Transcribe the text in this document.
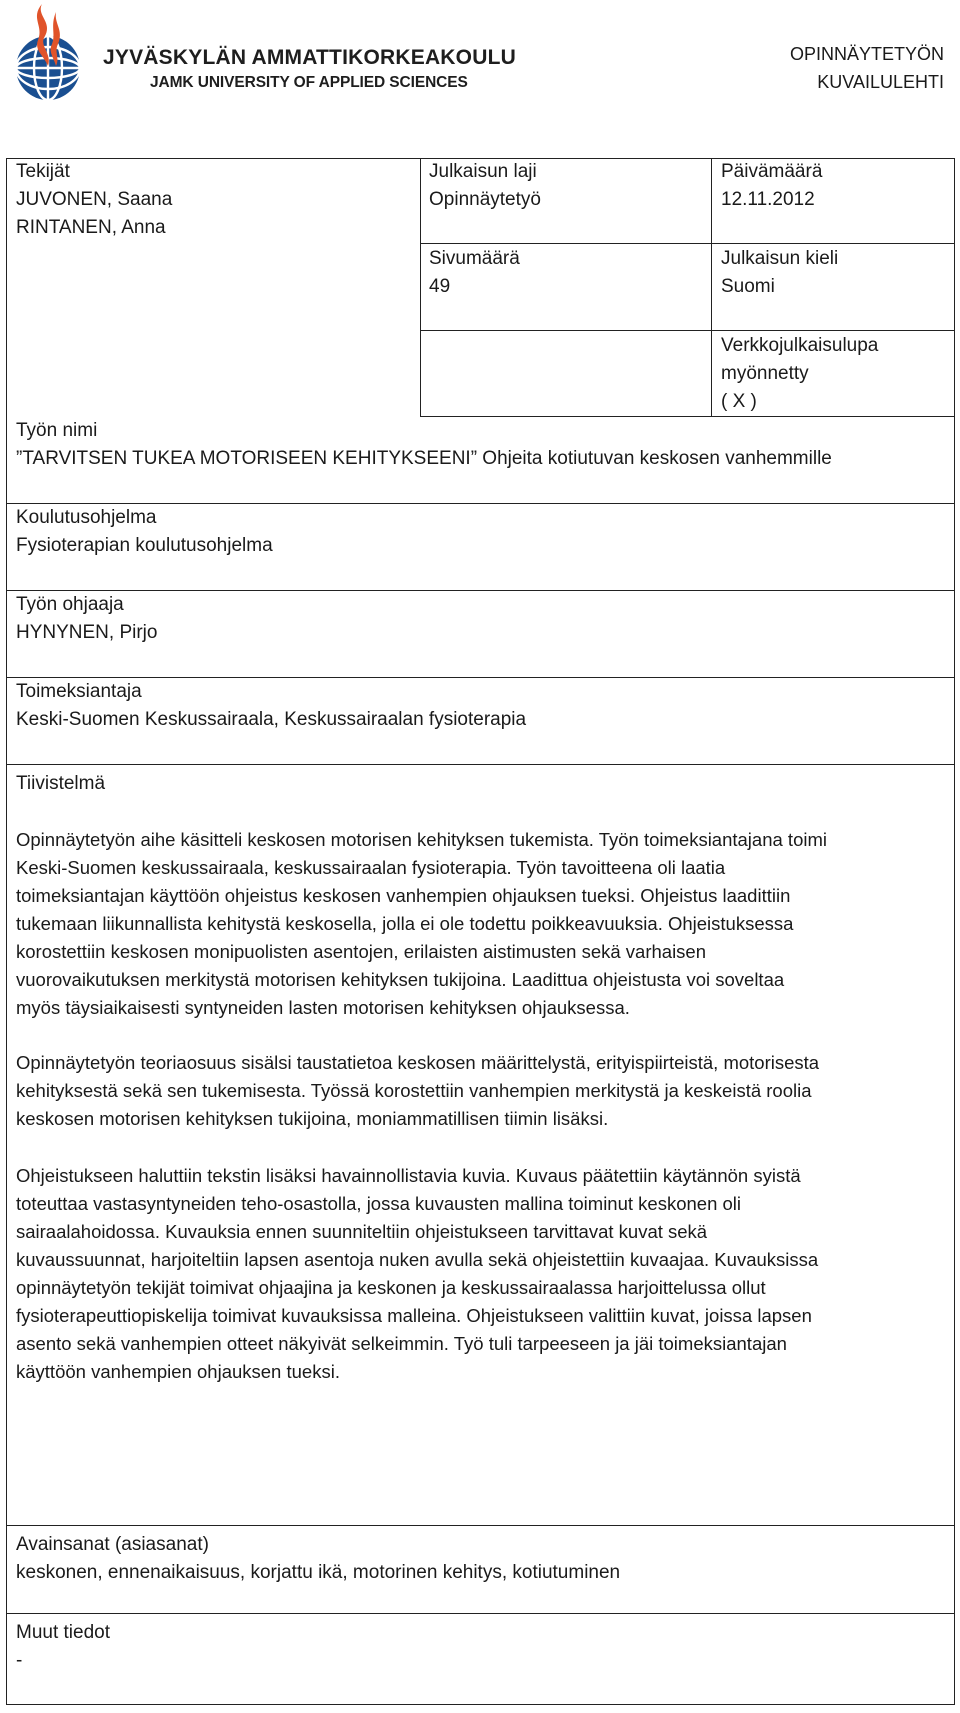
JYVÄSKYLÄN AMMATTIKORKEAKOULU
JAMK UNIVERSITY OF APPLIED SCIENCES
OPINNÄYTETYÖN
KUVAILULEHTI
Tekijät
JUVONEN, Saana
RINTANEN, Anna
Julkaisun laji
Opinnäytetyö
Päivämäärä
12.11.2012
Sivumäärä
49
Julkaisun kieli
Suomi
Verkkojulkaisulupa
myönnetty
( X )
Työn nimi
”TARVITSEN TUKEA MOTORISEEN KEHITYKSEENI” Ohjeita kotiutuvan keskosen vanhemmille
Koulutusohjelma
Fysioterapian koulutusohjelma
Työn ohjaaja
HYNYNEN, Pirjo
Toimeksiantaja
Keski-Suomen Keskussairaala, Keskussairaalan fysioterapia
Tiivistelmä
Opinnäytetyön aihe käsitteli keskosen motorisen kehityksen tukemista. Työn toimeksiantajana toimi
Keski-Suomen keskussairaala, keskussairaalan fysioterapia. Työn tavoitteena oli laatia
toimeksiantajan käyttöön ohjeistus keskosen vanhempien ohjauksen tueksi. Ohjeistus laadittiin
tukemaan liikunnallista kehitystä keskosella, jolla ei ole todettu poikkeavuuksia. Ohjeistuksessa
korostettiin keskosen monipuolisten asentojen, erilaisten aistimusten sekä varhaisen
vuorovaikutuksen merkitystä motorisen kehityksen tukijoina. Laadittua ohjeistusta voi soveltaa
myös täysiaikaisesti syntyneiden lasten motorisen kehityksen ohjauksessa.
Opinnäytetyön teoriaosuus sisälsi taustatietoa keskosen määrittelystä, erityispiirteistä, motorisesta
kehityksestä sekä sen tukemisesta. Työssä korostettiin vanhempien merkitystä ja keskeistä roolia
keskosen motorisen kehityksen tukijoina, moniammatillisen tiimin lisäksi.
Ohjeistukseen haluttiin tekstin lisäksi havainnollistavia kuvia. Kuvaus päätettiin käytännön syistä
toteuttaa vastasyntyneiden teho-osastolla, jossa kuvausten mallina toiminut keskonen oli
sairaalahoidossa. Kuvauksia ennen suunniteltiin ohjeistukseen tarvittavat kuvat sekä
kuvaussuunnat, harjoiteltiin lapsen asentoja nuken avulla sekä ohjeistettiin kuvaajaa. Kuvauksissa
opinnäytetyön tekijät toimivat ohjaajina ja keskonen ja keskussairaalassa harjoittelussa ollut
fysioterapeuttiopiskelija toimivat kuvauksissa malleina. Ohjeistukseen valittiin kuvat, joissa lapsen
asento sekä vanhempien otteet näkyivät selkeimmin. Työ tuli tarpeeseen ja jäi toimeksiantajan
käyttöön vanhempien ohjauksen tueksi.
Avainsanat (asiasanat)
keskonen, ennenaikaisuus, korjattu ikä, motorinen kehitys, kotiutuminen
Muut tiedot
-
